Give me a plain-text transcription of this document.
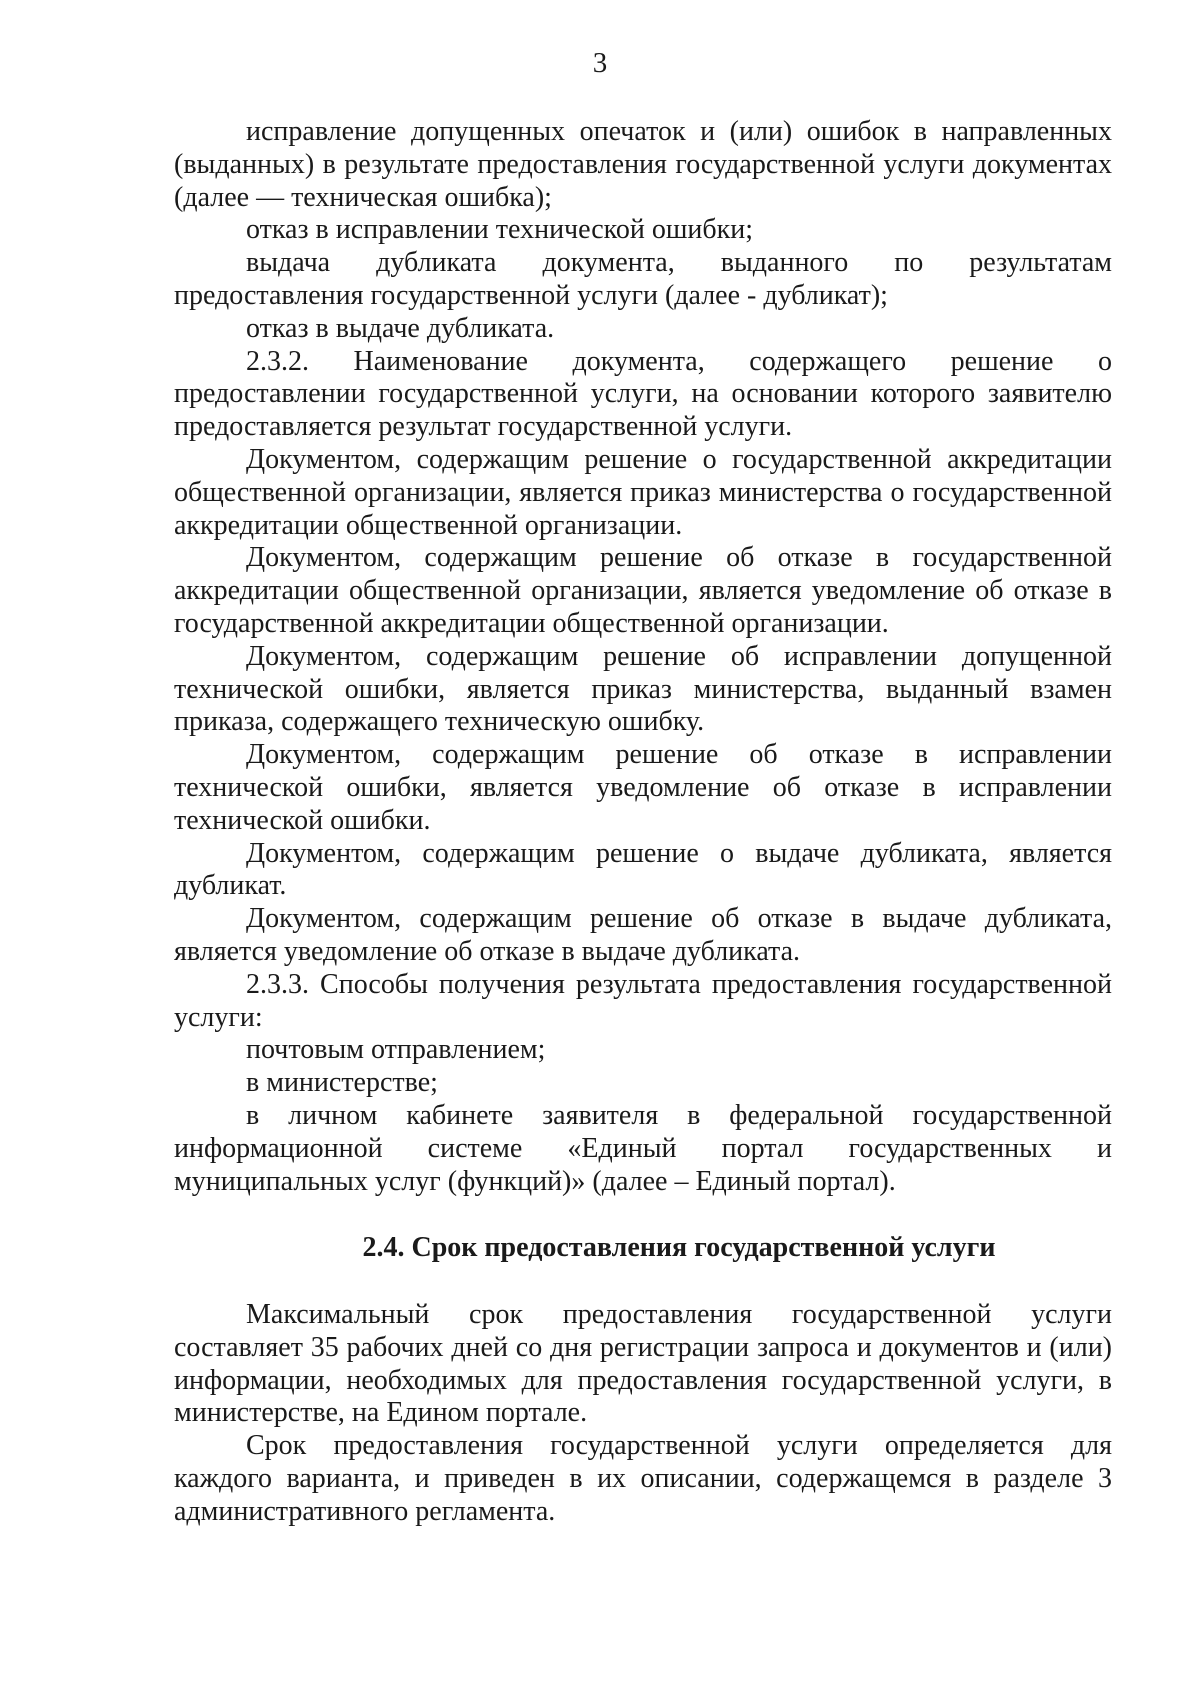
3

исправление допущенных опечаток и (или) ошибок в направленных (выданных) в результате предоставления государственной услуги документах (далее — техническая ошибка);

отказ в исправлении технической ошибки;

выдача дубликата документа, выданного по результатам предоставления государственной услуги (далее - дубликат);

отказ в выдаче дубликата.

2.3.2. Наименование документа, содержащего решение о предоставлении государственной услуги, на основании которого заявителю предоставляется результат государственной услуги.

Документом, содержащим решение о государственной аккредитации общественной организации, является приказ министерства о государственной аккредитации общественной организации.

Документом, содержащим решение об отказе в государственной аккредитации общественной организации, является уведомление об отказе в государственной аккредитации общественной организации.

Документом, содержащим решение об исправлении допущенной технической ошибки, является приказ министерства, выданный взамен приказа, содержащего техническую ошибку.

Документом, содержащим решение об отказе в исправлении технической ошибки, является уведомление об отказе в исправлении технической ошибки.

Документом, содержащим решение о выдаче дубликата, является дубликат.

Документом, содержащим решение об отказе в выдаче дубликата, является уведомление об отказе в выдаче дубликата.

2.3.3. Способы получения результата предоставления государственной услуги:

почтовым отправлением;

в министерстве;

в личном кабинете заявителя в федеральной государственной информационной системе «Единый портал государственных и муниципальных услуг (функций)» (далее – Единый портал).

2.4. Срок предоставления государственной услуги

Максимальный срок предоставления государственной услуги составляет 35 рабочих дней со дня регистрации запроса и документов и (или) информации, необходимых для предоставления государственной услуги, в министерстве, на Едином портале.

Срок предоставления государственной услуги определяется для каждого варианта, и приведен в их описании, содержащемся в разделе 3 административного регламента.
